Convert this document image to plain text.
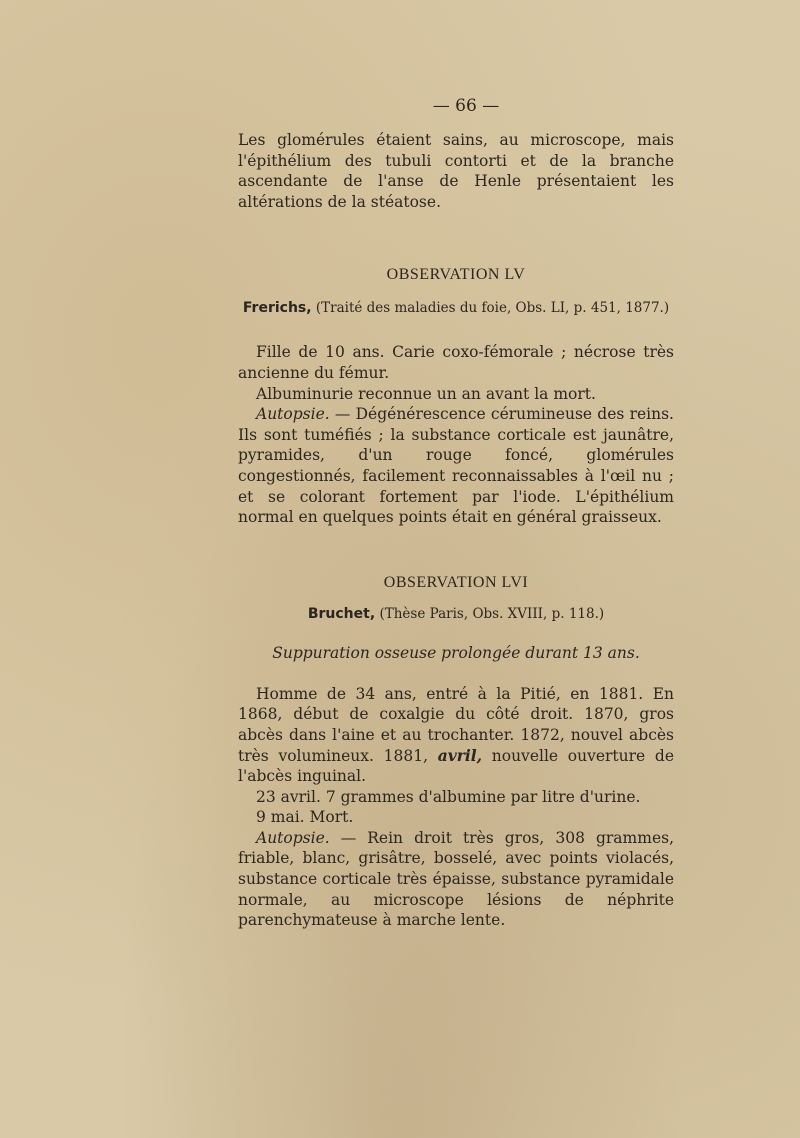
— 66 —

Les glomérules étaient sains, au microscope, mais l'épithélium des tubuli contorti et de la branche ascendante de l'anse de Henle présentaient les altérations de la stéatose.

OBSERVATION LV
Frerichs, (Traité des maladies du foie, Obs. LI, p. 451, 1877.)

Fille de 10 ans. Carie coxo-fémorale ; nécrose très ancienne du fémur.

Albuminurie reconnue un an avant la mort.

Autopsie. — Dégénérescence cérumineuse des reins. Ils sont tuméfiés ; la substance corticale est jaunâtre, pyramides, d'un rouge foncé, glomérules congestionnés, facilement reconnaissables à l'œil nu ; et se colorant fortement par l'iode. L'épithélium normal en quelques points était en général graisseux.

OBSERVATION LVI
Bruchet, (Thèse Paris, Obs. XVIII, p. 118.)
Suppuration osseuse prolongée durant 13 ans.

Homme de 34 ans, entré à la Pitié, en 1881. En 1868, début de coxalgie du côté droit. 1870, gros abcès dans l'aine et au trochanter. 1872, nouvel abcès très volumineux. 1881, avril, nouvelle ouverture de l'abcès inguinal.

23 avril. 7 grammes d'albumine par litre d'urine.

9 mai. Mort.

Autopsie. — Rein droit très gros, 308 grammes, friable, blanc, grisâtre, bosselé, avec points violacés, substance corticale très épaisse, substance pyramidale normale, au microscope lésions de néphrite parenchymateuse à marche lente.
